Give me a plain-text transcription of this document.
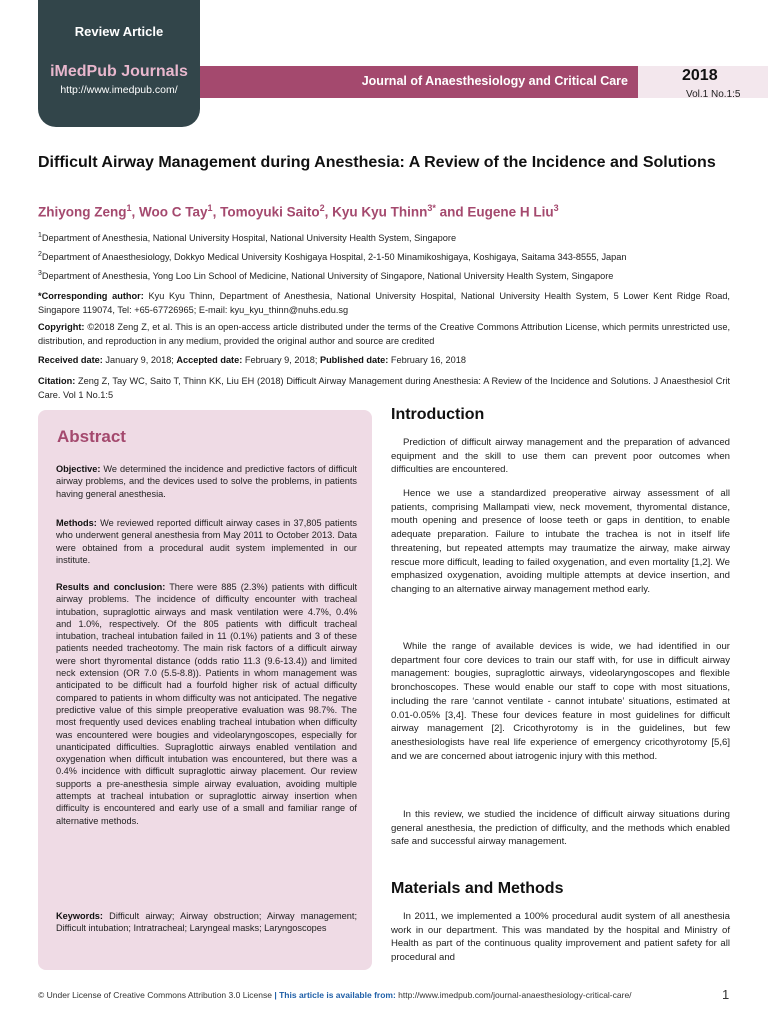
Review Article
iMedPub Journals
http://www.imedpub.com/
Journal of Anaesthesiology and Critical Care	2018
Vol.1 No.1:5
Difficult Airway Management during Anesthesia: A Review of the Incidence and Solutions
Zhiyong Zeng$^1$, Woo C Tay$^1$, Tomoyuki Saito$^2$, Kyu Kyu Thinn$^{3*}$ and Eugene H Liu$^3$
$^1$Department of Anesthesia, National University Hospital, National University Health System, Singapore
$^2$Department of Anaesthesiology, Dokkyo Medical University Koshigaya Hospital, 2-1-50 Minamikoshigaya, Koshigaya, Saitama 343-8555, Japan
$^3$Department of Anesthesia, Yong Loo Lin School of Medicine, National University of Singapore, National University Health System, Singapore
*Corresponding author: Kyu Kyu Thinn, Department of Anesthesia, National University Hospital, National University Health System, 5 Lower Kent Ridge Road, Singapore 119074, Tel: +65-67726965; E-mail: kyu_kyu_thinn@nuhs.edu.sg
Copyright: ©2018 Zeng Z, et al. This is an open-access article distributed under the terms of the Creative Commons Attribution License, which permits unrestricted use, distribution, and reproduction in any medium, provided the original author and source are credited
Received date: January 9, 2018; Accepted date: February 9, 2018; Published date: February 16, 2018
Citation: Zeng Z, Tay WC, Saito T, Thinn KK, Liu EH (2018) Difficult Airway Management during Anesthesia: A Review of the Incidence and Solutions. J Anaesthesiol Crit Care. Vol 1 No.1:5
Abstract
Objective: We determined the incidence and predictive factors of difficult airway problems, and the devices used to solve the problems, in patients having general anesthesia.
Methods: We reviewed reported difficult airway cases in 37,805 patients who underwent general anesthesia from May 2011 to October 2013. Data were obtained from a procedural audit system implemented in our institute.
Results and conclusion: There were 885 (2.3%) patients with difficult airway problems. The incidence of difficulty encounter with tracheal intubation, supraglottic airways and mask ventilation were 4.7%, 0.4% and 1.0%, respectively. Of the 805 patients with difficult tracheal intubation, tracheal intubation failed in 11 (0.1%) patients and 3 of these patients needed tracheotomy. The main risk factors of a difficult airway were short thyromental distance (odds ratio 11.3 (9.6-13.4)) and limited neck extension (OR 7.0 (5.5-8.8)). Patients in whom management was anticipated to be difficult had a fourfold higher risk of actual difficulty compared to patients in whom difficulty was not anticipated. The negative predictive value of this simple preoperative evaluation was 98.7%. The most frequently used devices enabling tracheal intubation when difficulty was encountered were bougies and videolaryngoscopes, especially for unanticipated difficulties. Supraglottic airways enabled ventilation and oxygenation when difficult intubation was encountered, but there was a 0.4% incidence with difficult supraglottic airway placement. Our review supports a pre-anesthesia simple airway evaluation, avoiding multiple attempts at tracheal intubation or supraglottic airway insertion when difficulty is encountered and early use of a small and familiar range of alternative methods.
Keywords: Difficult airway; Airway obstruction; Airway management; Difficult intubation; Intratracheal; Laryngeal masks; Laryngoscopes
Introduction
Prediction of difficult airway management and the preparation of advanced equipment and the skill to use them can prevent poor outcomes when difficulties are encountered.
Hence we use a standardized preoperative airway assessment of all patients, comprising Mallampati view, neck movement, thyromental distance, mouth opening and presence of loose teeth or gaps in dentition, to enable adequate preparation. Failure to intubate the trachea is not in itself life threatening, but repeated attempts may traumatize the airway, make airway rescue more difficult, leading to failed oxygenation, and even mortality [1,2]. We emphasized oxygenation, avoiding multiple attempts at device insertion, and changing to an alternative airway management method early.
While the range of available devices is wide, we had identified in our department four core devices to train our staff with, for use in difficult airway management: bougies, supraglottic airways, videolaryngoscopes and flexible bronchoscopes. These would enable our staff to cope with most situations, including the rare ‘cannot ventilate - cannot intubate’ situations, estimated at 0.01-0.05% [3,4]. These four devices feature in most guidelines for difficult airway management [2]. Cricothyrotomy is in the guidelines, but few anesthesiologists have real life experience of emergency cricothyrotomy [5,6] and we are concerned about iatrogenic injury with this method.
In this review, we studied the incidence of difficult airway situations during general anesthesia, the prediction of difficulty, and the methods which enabled safe and successful airway management.
Materials and Methods
In 2011, we implemented a 100% procedural audit system of all anesthesia work in our department. This was mandated by the hospital and Ministry of Health as part of the continuous quality improvement and patient safety for all procedural and
© Under License of Creative Commons Attribution 3.0 License | This article is available from: http://www.imedpub.com/journal-anaesthesiology-critical-care/	1
